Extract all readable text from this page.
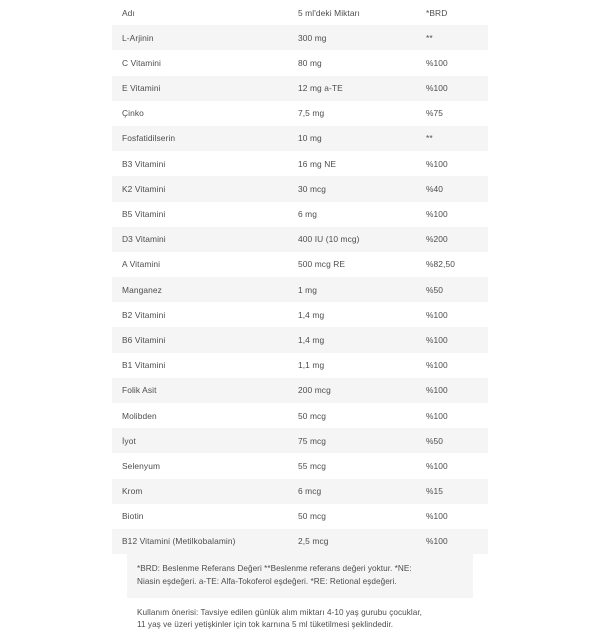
Adı	5 ml'deki Miktarı	*BRD
L-Arjinin	300 mg	**
C Vitamini	80 mg	%100
E Vitamini	12 mg a-TE	%100
Çinko	7,5 mg	%75
Fosfatidilserin	10 mg	**
B3 Vitamini	16 mg NE	%100
K2 Vitamini	30 mcg	%40
B5 Vitamini	6 mg	%100
D3 Vitamini	400 IU (10 mcg)	%200
A Vitamini	500 mcg RE	%82,50
Manganez	1 mg	%50
B2 Vitamini	1,4 mg	%100
B6 Vitamini	1,4 mg	%100
B1 Vitamini	1,1 mg	%100
Folik Asit	200 mcg	%100
Molibden	50 mcg	%100
İyot	75 mcg	%50
Selenyum	55 mcg	%100
Krom	6 mcg	%15
Biotin	50 mcg	%100
B12 Vitamini (Metilkobalamin)	2,5 mcg	%100
*BRD: Beslenme Referans Değeri **Beslenme referans değeri yoktur. *NE:
Niasin eşdeğeri. a-TE: Alfa-Tokoferol eşdeğeri. *RE: Retional eşdeğeri.
Kullanım önerisi: Tavsiye edilen günlük alım miktarı 4-10 yaş gurubu çocuklar,
11 yaş ve üzeri yetişkinler için tok karnına 5 ml tüketilmesi şeklindedir.
